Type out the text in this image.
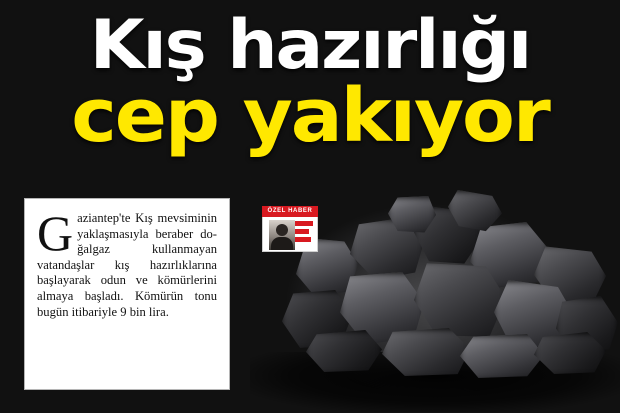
Kış hazırlığı
cep yakıyor
G aziantep'te Kış mevsiminin yaklaşmasıyla beraber doğalgaz kullanmayan vatandaşlar kış hazırlıklarına başlayarak odun ve kömürlerini almaya başladı. Kömürün tonu bugün itibariyle 9 bin lira.

ÖZEL HABER
